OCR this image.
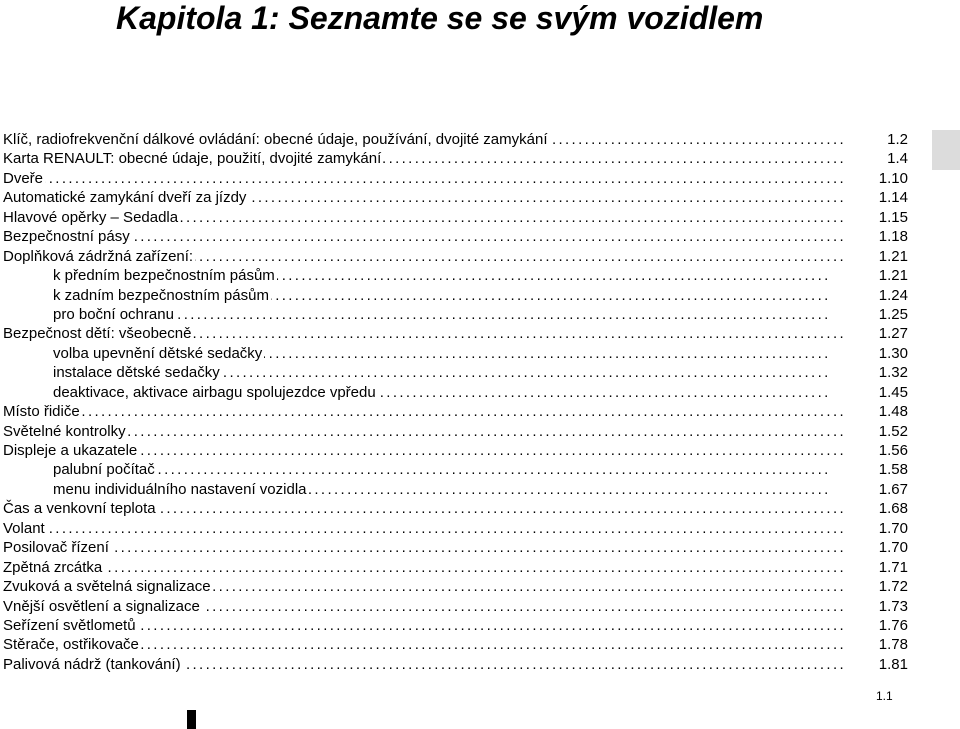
Kapitola 1: Seznamte se se svým vozidlem
Klíč, radiofrekvenční dálkové ovládání: obecné údaje, používání, dvojité zamykání . . .	1.2
Karta RENAULT: obecné údaje, použití, dvojité zamykání . . .	1.4
Dveře . . .	1.10
Automatické zamykání dveří za jízdy . . .	1.14
Hlavové opěrky – Sedadla . . .	1.15
Bezpečnostní pásy . . .	1.18
Doplňková zádržná zařízení: . . .	1.21
k předním bezpečnostním pásům . . .	1.21
k zadním bezpečnostním pásům . . .	1.24
pro boční ochranu . . .	1.25
Bezpečnost dětí: všeobecně . . .	1.27
volba upevnění dětské sedačky . . .	1.30
instalace dětské sedačky . . .	1.32
deaktivace, aktivace airbagu spolujezdce vpředu . . .	1.45
Místo řidiče . . .	1.48
Světelné kontrolky . . .	1.52
Displeje a ukazatele . . .	1.56
palubní počítač . . .	1.58
menu individuálního nastavení vozidla . . .	1.67
Čas a venkovní teplota . . .	1.68
Volant . . .	1.70
Posilovač řízení . . .	1.70
Zpětná zrcátka . . .	1.71
Zvuková a světelná signalizace . . .	1.72
Vnější osvětlení a signalizace . . .	1.73
Seřízení světlometů . . .	1.76
Stěrače, ostřikovače . . .	1.78
Palivová nádrž (tankování) . . .	1.81
1.1
